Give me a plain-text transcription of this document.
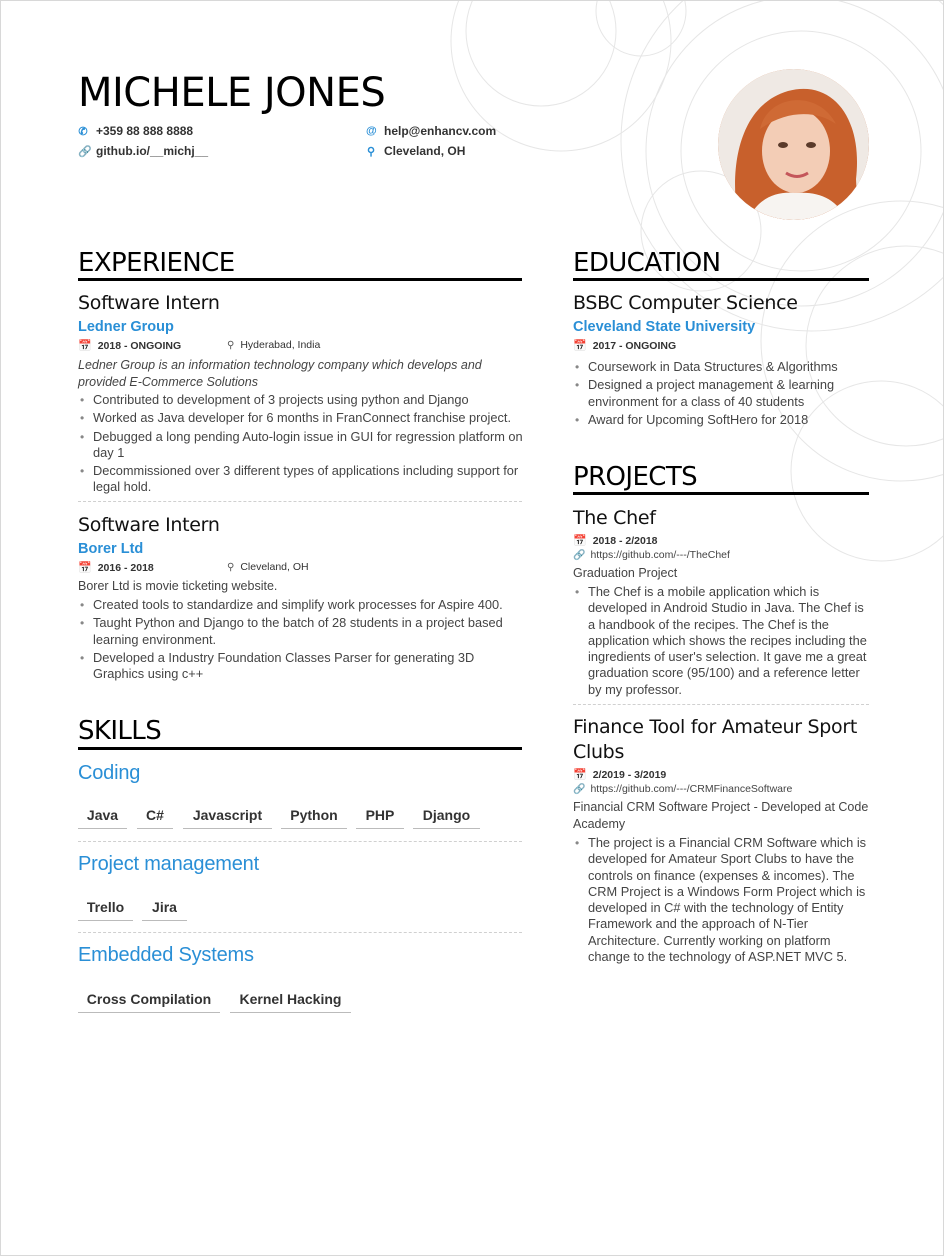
MICHELE JONES
✆ +359 88 888 8888
🔗 github.io/__michj__
@ help@enhancv.com
⚲ Cleveland, OH
EXPERIENCE
Software Intern
Ledner Group
📅 2018 - ONGOING	⚲ Hyderabad, India
Ledner Group is an information technology company which develops and provided E-Commerce Solutions
• Contributed to development of 3 projects using python and Django
• Worked as Java developer for 6 months in FranConnect franchise project.
• Debugged a long pending Auto-login issue in GUI for regression platform on day 1
• Decommissioned over 3 different types of applications including support for legal hold.
Software Intern
Borer Ltd
📅 2016 - 2018	⚲ Cleveland, OH
Borer Ltd is movie ticketing website.
• Created tools to standardize and simplify work processes for Aspire 400.
• Taught Python and Django to the batch of 28 students in a project based learning environment.
• Developed a Industry Foundation Classes Parser for generating 3D Graphics using c++
SKILLS
Coding
Java	C#	Javascript	Python	PHP	Django
Project management
Trello	Jira
Embedded Systems
Cross Compilation	Kernel Hacking
EDUCATION
BSBC Computer Science
Cleveland State University
📅 2017 - ONGOING
• Coursework in Data Structures & Algorithms
• Designed a project management & learning environment for a class of 40 students
• Award for Upcoming SoftHero for 2018
PROJECTS
The Chef
📅 2018 - 2/2018
🔗 https://github.com/---/TheChef
Graduation Project
• The Chef is a mobile application which is developed in Android Studio in Java. The Chef is a handbook of the recipes. The Chef is the application which shows the recipes including the ingredients of user's selection. It gave me a great graduation score (95/100) and a reference letter by my professor.
Finance Tool for Amateur Sport Clubs
📅 2/2019 - 3/2019
🔗 https://github.com/---/CRMFinanceSoftware
Financial CRM Software Project - Developed at Code Academy
• The project is a Financial CRM Software which is developed for Amateur Sport Clubs to have the controls on finance (expenses & incomes). The CRM Project is a Windows Form Project which is developed in C# with the technology of Entity Framework and the approach of N-Tier Architecture. Currently working on platform change to the technology of ASP.NET MVC 5.
